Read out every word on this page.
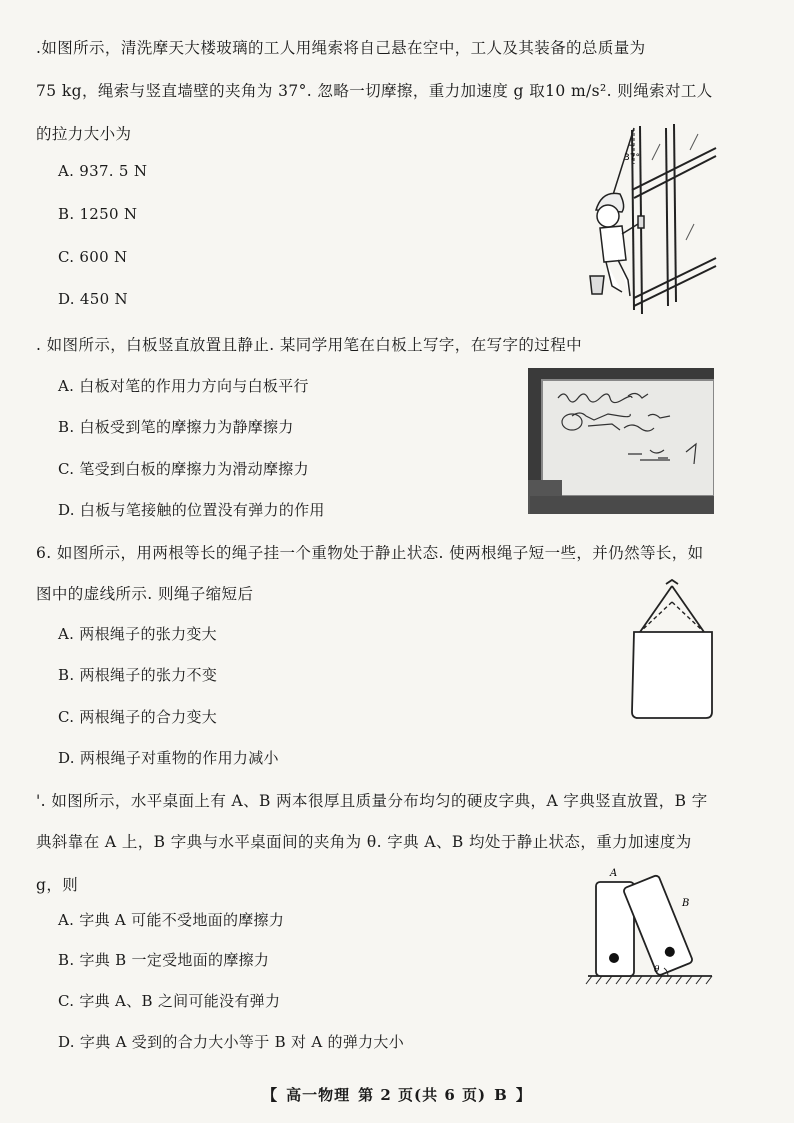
.如图所示，清洗摩天大楼玻璃的工人用绳索将自己悬在空中，工人及其装备的总质量为
75 kg，绳索与竖直墙壁的夹角为 37°. 忽略一切摩擦，重力加速度 g 取10 m/s². 则绳索对工人
的拉力大小为
A. 937. 5 N
B. 1250 N
C. 600 N
D. 450 N
37°
. 如图所示，白板竖直放置且静止. 某同学用笔在白板上写字，在写字的过程中
A. 白板对笔的作用力方向与白板平行
B. 白板受到笔的摩擦力为静摩擦力
C. 笔受到白板的摩擦力为滑动摩擦力
D. 白板与笔接触的位置没有弹力的作用
6. 如图所示，用两根等长的绳子挂一个重物处于静止状态. 使两根绳子短一些，并仍然等长，如
图中的虚线所示. 则绳子缩短后
A. 两根绳子的张力变大
B. 两根绳子的张力不变
C. 两根绳子的合力变大
D. 两根绳子对重物的作用力减小
'. 如图所示，水平桌面上有 A、B 两本很厚且质量分布均匀的硬皮字典，A 字典竖直放置，B 字
典斜靠在 A 上，B 字典与水平桌面间的夹角为 θ. 字典 A、B 均处于静止状态，重力加速度为
g，则
A. 字典 A 可能不受地面的摩擦力
B. 字典 B 一定受地面的摩擦力
C. 字典 A、B 之间可能没有弹力
D. 字典 A 受到的合力大小等于 B 对 A 的弹力大小
A
B
θ
【 高一物理 第 2 页(共 6 页) B 】
